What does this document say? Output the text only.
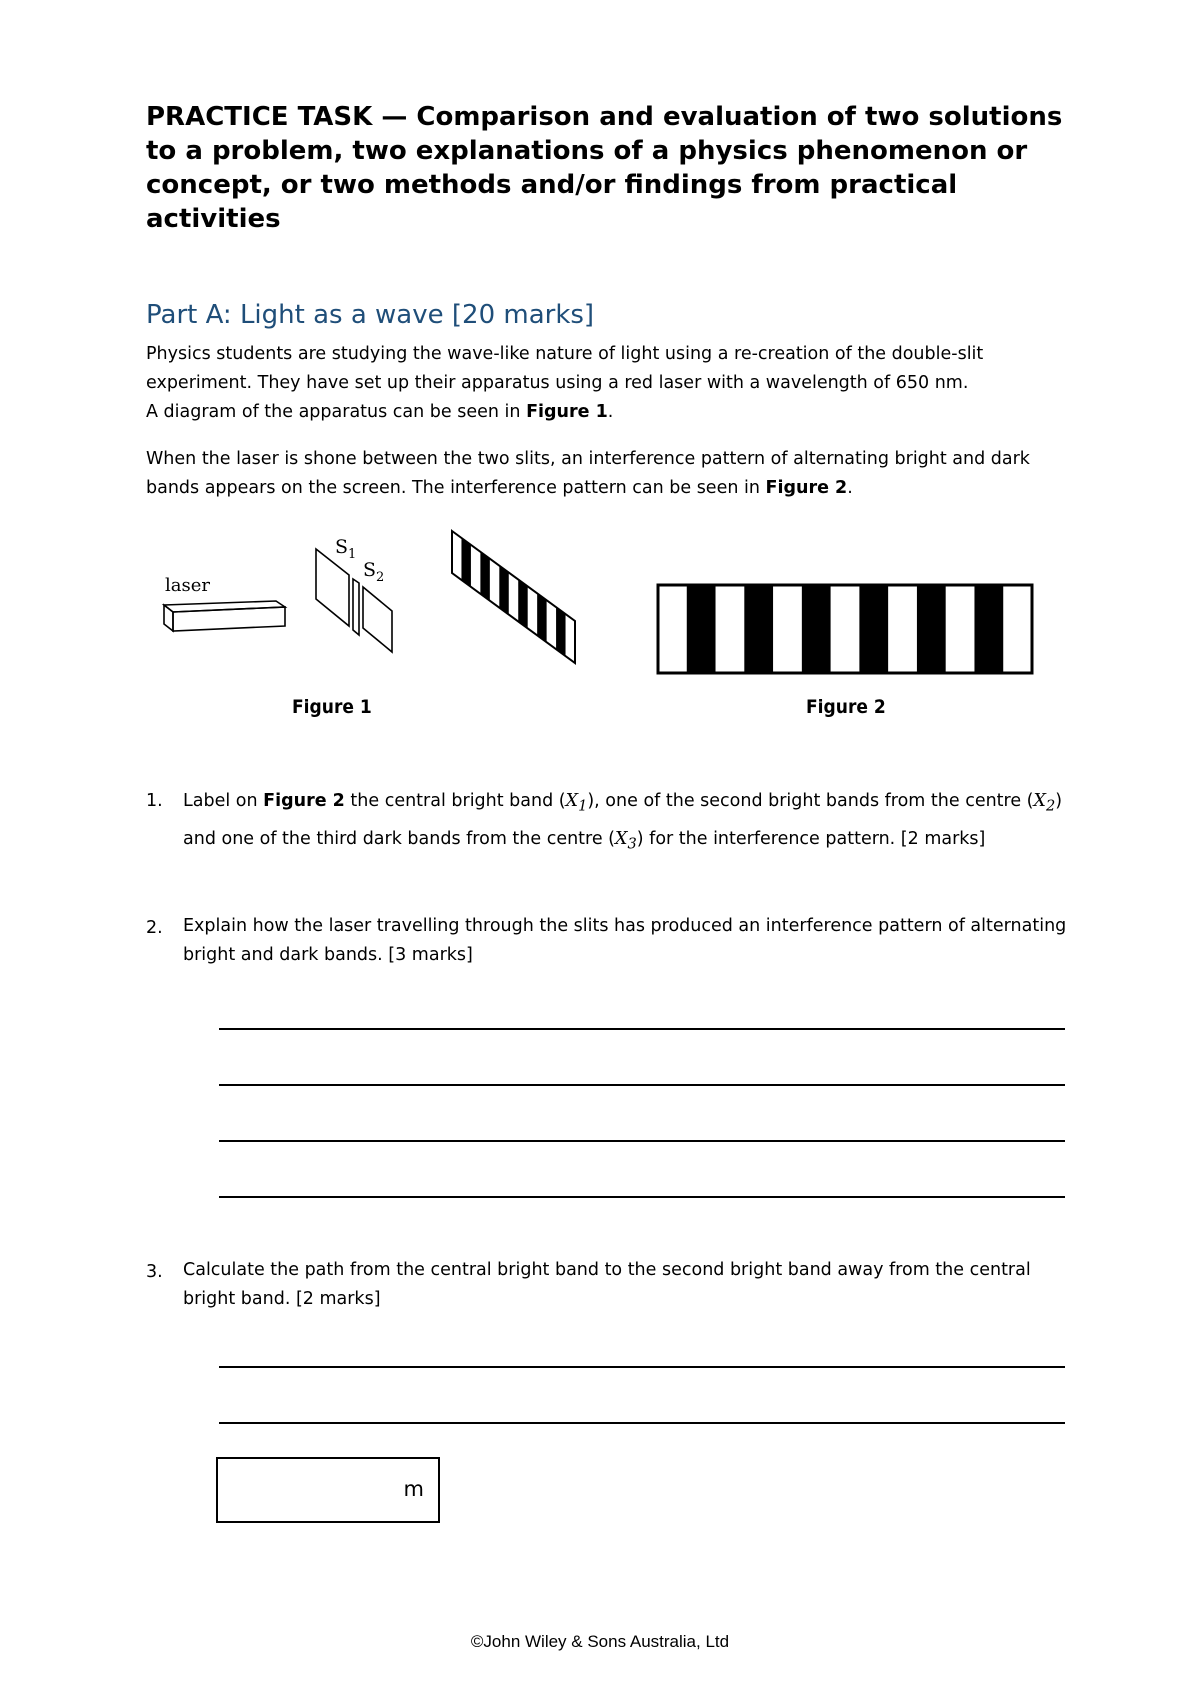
PRACTICE TASK — Comparison and evaluation of two solutions to a problem, two explanations of a physics phenomenon or concept, or two methods and/or findings from practical activities
Part A: Light as a wave [20 marks]
Physics students are studying the wave-like nature of light using a re-creation of the double-slit experiment. They have set up their apparatus using a red laser with a wavelength of 650 nm.
A diagram of the apparatus can be seen in Figure 1.
When the laser is shone between the two slits, an interference pattern of alternating bright and dark bands appears on the screen. The interference pattern can be seen in Figure 2.
laser
$S_1$
$S_2$
Figure 1	Figure 2
1. Label on Figure 2 the central bright band $(X_1)$, one of the second bright bands from the centre $(X_2)$ and one of the third dark bands from the centre $(X_3)$ for the interference pattern. [2 marks]
2. Explain how the laser travelling through the slits has produced an interference pattern of alternating bright and dark bands. [3 marks]
3. Calculate the path from the central bright band to the second bright band away from the central bright band. [2 marks]
m
©John Wiley & Sons Australia, Ltd
